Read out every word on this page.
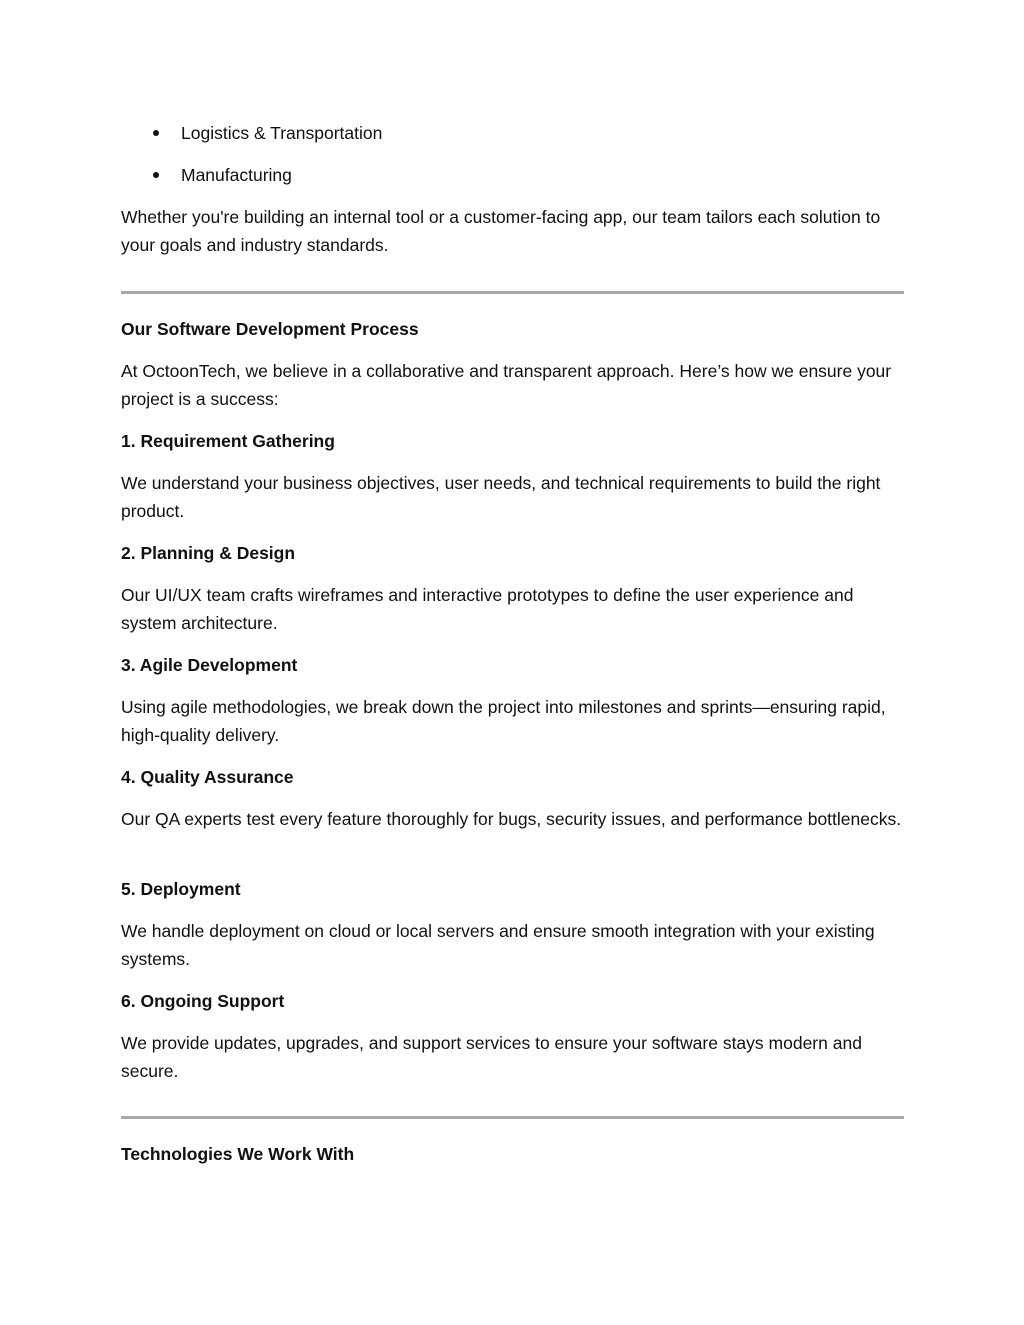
Logistics & Transportation
Manufacturing

Whether you're building an internal tool or a customer-facing app, our team tailors each solution to your goals and industry standards.

Our Software Development Process

At OctoonTech, we believe in a collaborative and transparent approach. Here’s how we ensure your project is a success:

1. Requirement Gathering

We understand your business objectives, user needs, and technical requirements to build the right product.

2. Planning & Design

Our UI/UX team crafts wireframes and interactive prototypes to define the user experience and system architecture.

3. Agile Development

Using agile methodologies, we break down the project into milestones and sprints—ensuring rapid, high-quality delivery.

4. Quality Assurance

Our QA experts test every feature thoroughly for bugs, security issues, and performance bottlenecks.

5. Deployment

We handle deployment on cloud or local servers and ensure smooth integration with your existing systems.

6. Ongoing Support

We provide updates, upgrades, and support services to ensure your software stays modern and secure.

Technologies We Work With
